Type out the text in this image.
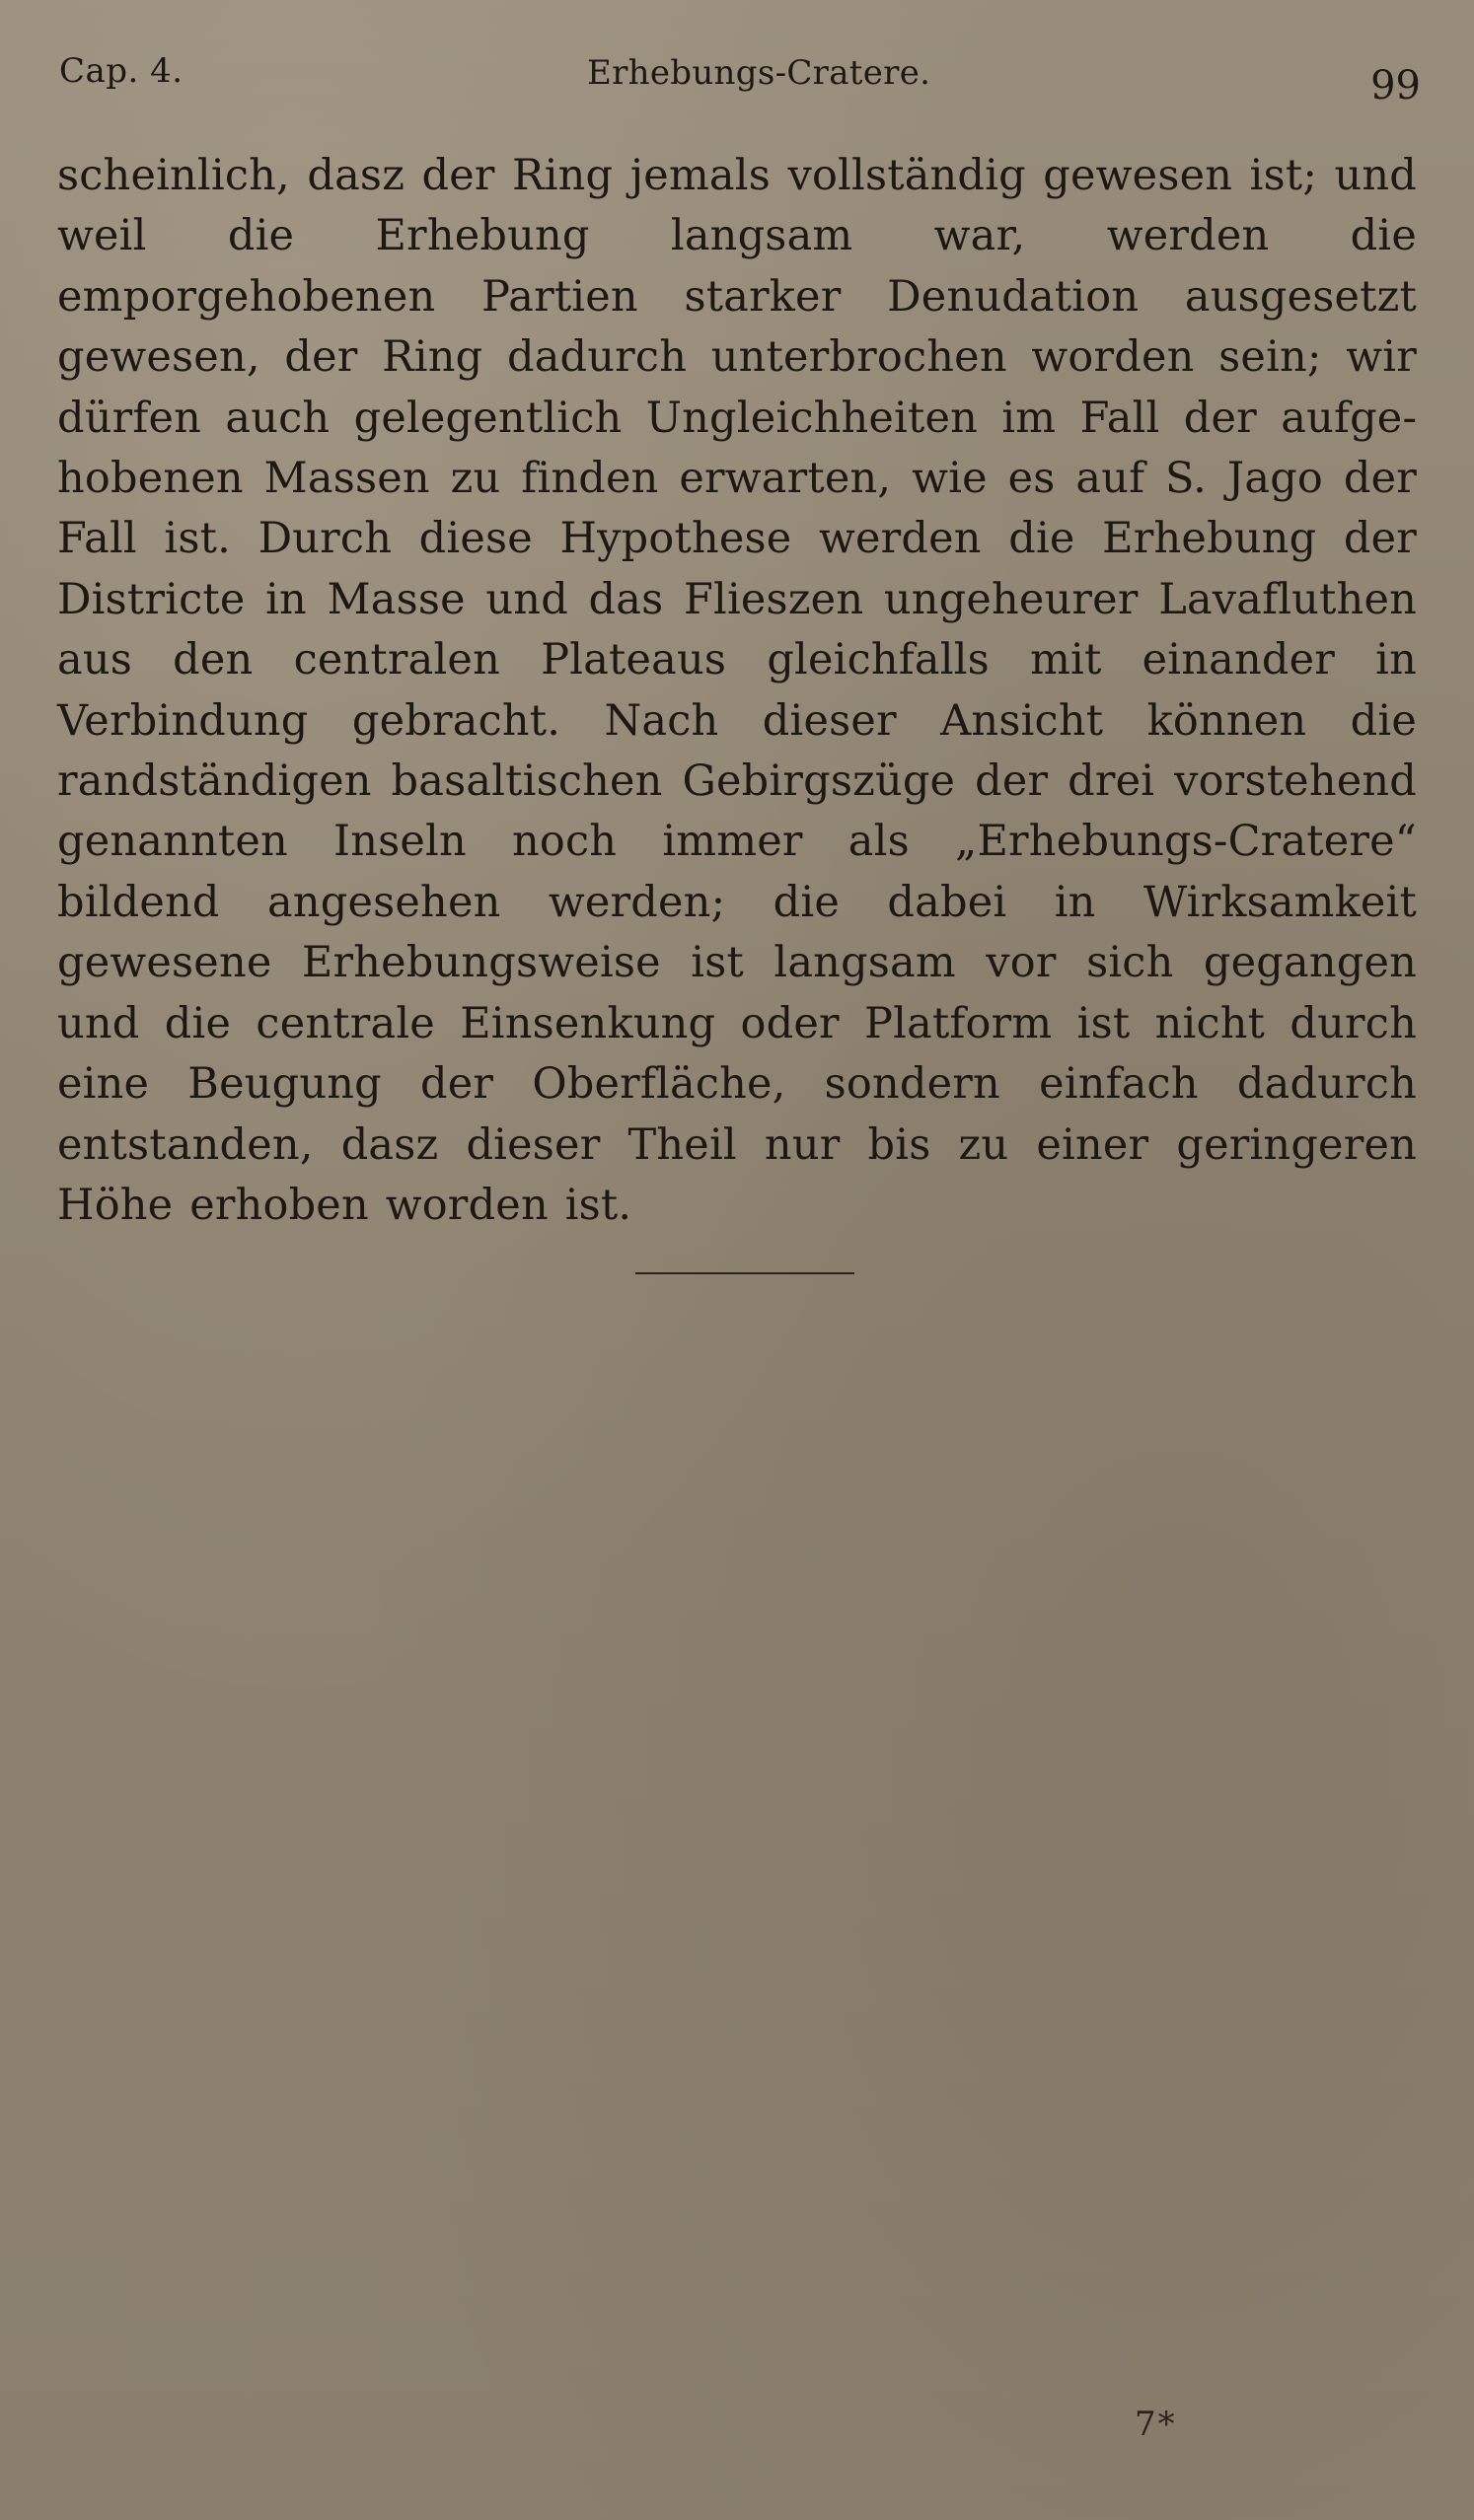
Cap. 4.	Erhebungs-Cratere.	99

scheinlich, dasz der Ring jemals vollständig gewesen ist; und weil die Erhebung langsam war, werden die emporgehobenen Partien starker Denudation ausgesetzt gewesen, der Ring dadurch unterbrochen worden sein; wir dürfen auch gelegentlich Ungleichheiten im Fall der aufgehobenen Massen zu finden erwarten, wie es auf S. Jago der Fall ist. Durch diese Hypothese werden die Erhebung der Districte in Masse und das Flieszen ungeheurer Lavafluthen aus den centralen Plateaus gleichfalls mit einander in Verbindung gebracht. Nach dieser Ansicht können die randständigen basaltischen Gebirgszüge der drei vorstehend genannten Inseln noch immer als „Erhebungs-Cratere“ bildend angesehen werden; die dabei in Wirksamkeit gewesene Erhebungsweise ist langsam vor sich gegangen und die centrale Einsenkung oder Platform ist nicht durch eine Beugung der Oberfläche, sondern einfach dadurch entstanden, dasz dieser Theil nur bis zu einer geringeren Höhe erhoben worden ist.

7*
